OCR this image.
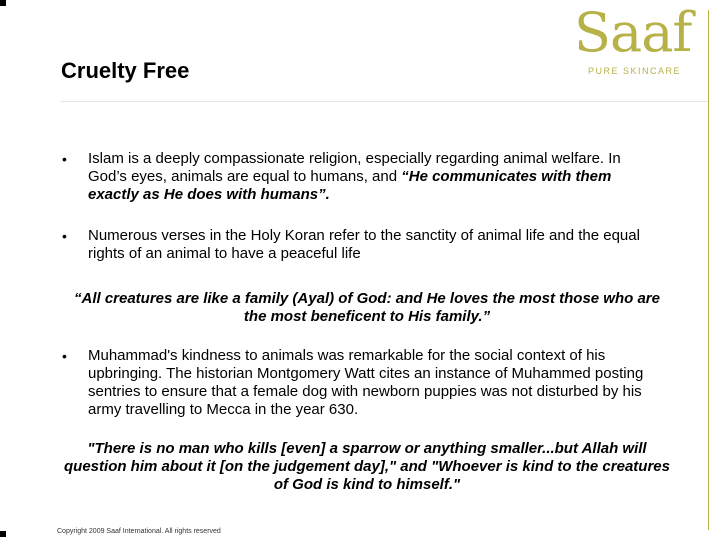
Cruelty Free
Saaf
PURE SKINCARE
• Islam is a deeply compassionate religion, especially regarding animal welfare. In God’s eyes, animals are equal to humans, and “He communicates with them exactly as He does with humans”.
• Numerous verses in the Holy Koran refer to the sanctity of animal life and the equal rights of an animal to have a peaceful life
“All creatures are like a family (Ayal) of God: and He loves the most those who are the most beneficent to His family.”
• Muhammad's kindness to animals was remarkable for the social context of his upbringing. The historian Montgomery Watt cites an instance of Muhammed posting sentries to ensure that a female dog with newborn puppies was not disturbed by his army travelling to Mecca in the year 630.
"There is no man who kills [even] a sparrow or anything smaller...but Allah will question him about it [on the judgement day]," and "Whoever is kind to the creatures of God is kind to himself."
Copyright 2009 Saaf International. All rights reserved
